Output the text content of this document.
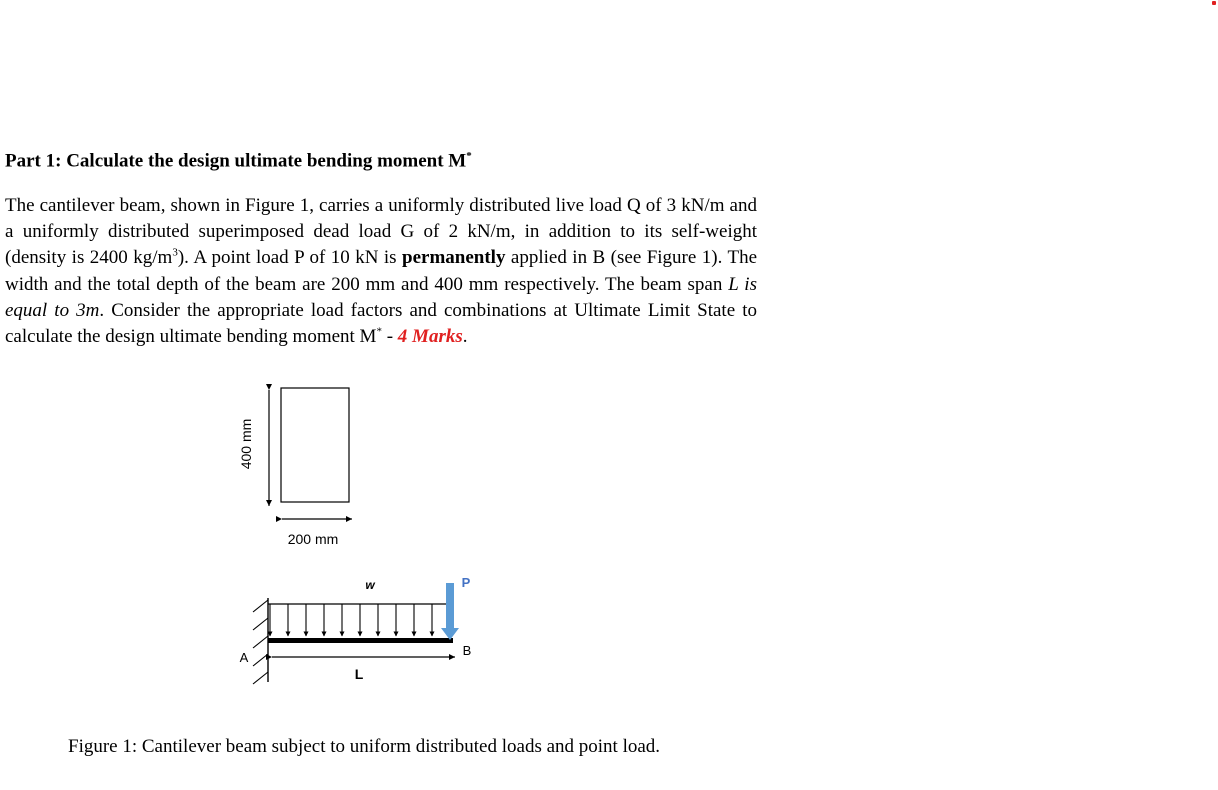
Part 1: Calculate the design ultimate bending moment M*
The cantilever beam, shown in Figure 1, carries a uniformly distributed live load Q of 3 kN/m and a uniformly distributed superimposed dead load G of 2 kN/m, in addition to its self-weight (density is 2400 $kg/m^3$). A point load P of 10 kN is permanently applied in B (see Figure 1). The width and the total depth of the beam are 200 mm and 400 mm respectively. The beam span L is equal to 3m. Consider the appropriate load factors and combinations at Ultimate Limit State to calculate the design ultimate bending moment M* - 4 Marks.
400 mm
200 mm
w	P
A	B
L
Figure 1: Cantilever beam subject to uniform distributed loads and point load.
